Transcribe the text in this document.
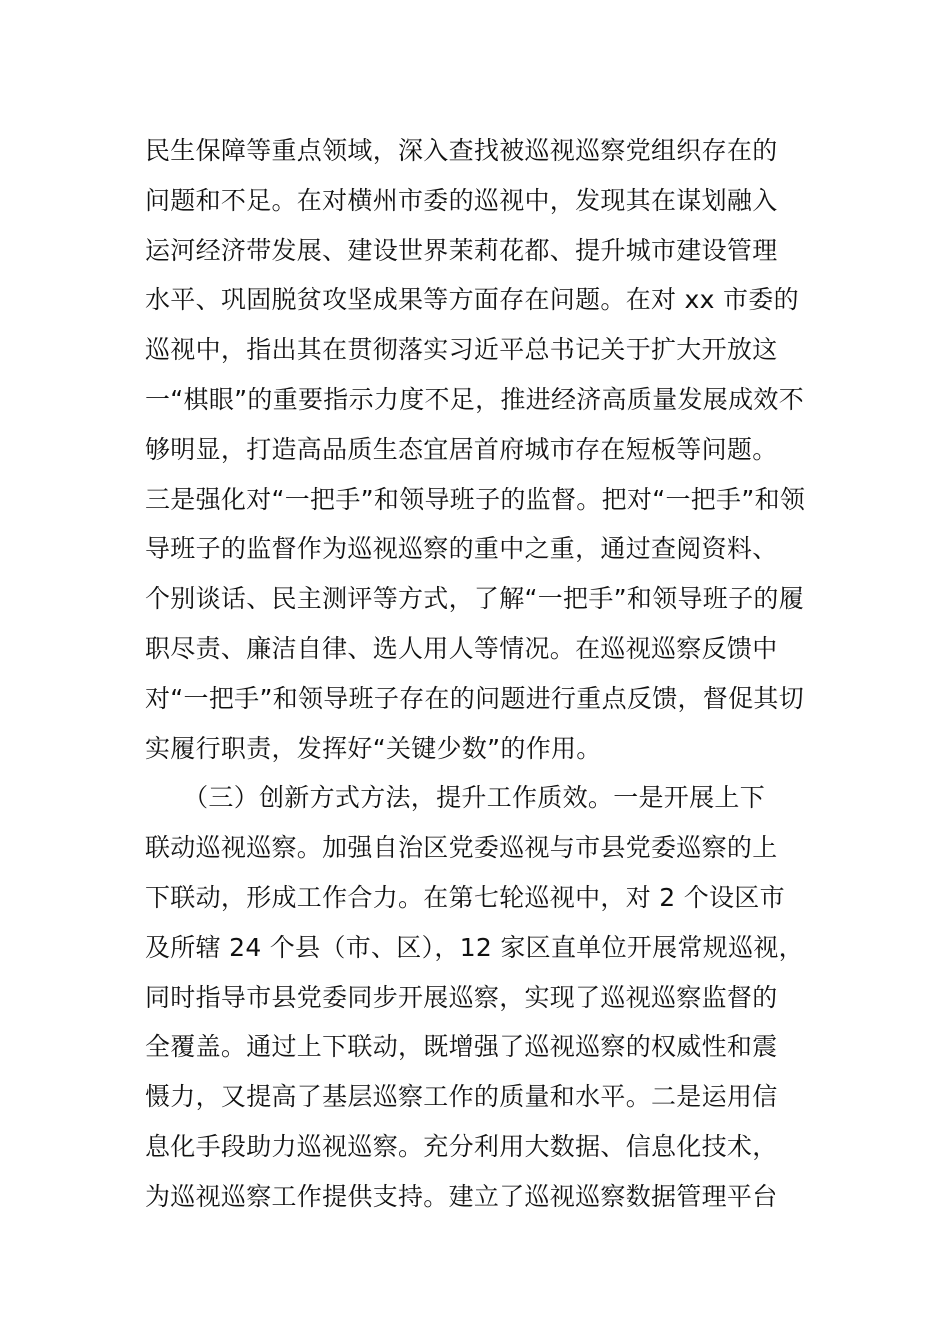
民生保障等重点领域，深入查找被巡视巡察党组织存在的
问题和不足。在对横州市委的巡视中，发现其在谋划融入
运河经济带发展、建设世界茉莉花都、提升城市建设管理
水平、巩固脱贫攻坚成果等方面存在问题。在对 xx 市委的
巡视中，指出其在贯彻落实习近平总书记关于扩大开放这
一“棋眼”的重要指示力度不足，推进经济高质量发展成效不
够明显，打造高品质生态宜居首府城市存在短板等问题。
三是强化对“一把手”和领导班子的监督。把对“一把手”和领
导班子的监督作为巡视巡察的重中之重，通过查阅资料、
个别谈话、民主测评等方式，了解“一把手”和领导班子的履
职尽责、廉洁自律、选人用人等情况。在巡视巡察反馈中
对“一把手”和领导班子存在的问题进行重点反馈，督促其切
实履行职责，发挥好“关键少数”的作用。
　　（三）创新方式方法，提升工作质效。一是开展上下
联动巡视巡察。加强自治区党委巡视与市县党委巡察的上
下联动，形成工作合力。在第七轮巡视中，对 2 个设区市
及所辖 24 个县（市、区），12 家区直单位开展常规巡视，
同时指导市县党委同步开展巡察，实现了巡视巡察监督的
全覆盖。通过上下联动，既增强了巡视巡察的权威性和震
慑力，又提高了基层巡察工作的质量和水平。二是运用信
息化手段助力巡视巡察。充分利用大数据、信息化技术，
为巡视巡察工作提供支持。建立了巡视巡察数据管理平台
